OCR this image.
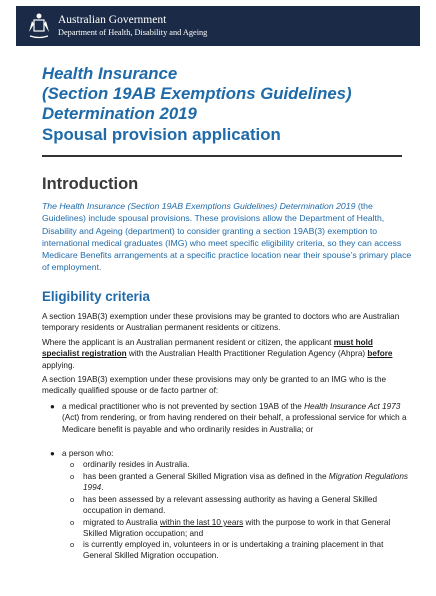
Australian Government
Department of Health, Disability and Ageing
Health Insurance
(Section 19AB Exemptions Guidelines)
Determination 2019
Spousal provision application
Introduction
The Health Insurance (Section 19AB Exemptions Guidelines) Determination 2019 (the Guidelines) include spousal provisions. These provisions allow the Department of Health, Disability and Ageing (department) to consider granting a section 19AB(3) exemption to international medical graduates (IMG) who meet specific eligibility criteria, so they can access Medicare Benefits arrangements at a specific practice location near their spouse’s primary place of employment.
Eligibility criteria
A section 19AB(3) exemption under these provisions may be granted to doctors who are Australian temporary residents or Australian permanent residents or citizens.
Where the applicant is an Australian permanent resident or citizen, the applicant must hold specialist registration with the Australian Health Practitioner Regulation Agency (Ahpra) before applying.
A section 19AB(3) exemption under these provisions may only be granted to an IMG who is the medically qualified spouse or de facto partner of:
● a medical practitioner who is not prevented by section 19AB of the Health Insurance Act 1973 (Act) from rendering, or from having rendered on their behalf, a professional service for which a Medicare benefit is payable and who ordinarily resides in Australia; or
● a person who:
o ordinarily resides in Australia.
o has been granted a General Skilled Migration visa as defined in the Migration Regulations 1994.
o has been assessed by a relevant assessing authority as having a General Skilled occupation in demand.
o migrated to Australia within the last 10 years with the purpose to work in that General Skilled Migration occupation; and
o is currently employed in, volunteers in or is undertaking a training placement in that General Skilled Migration occupation.
